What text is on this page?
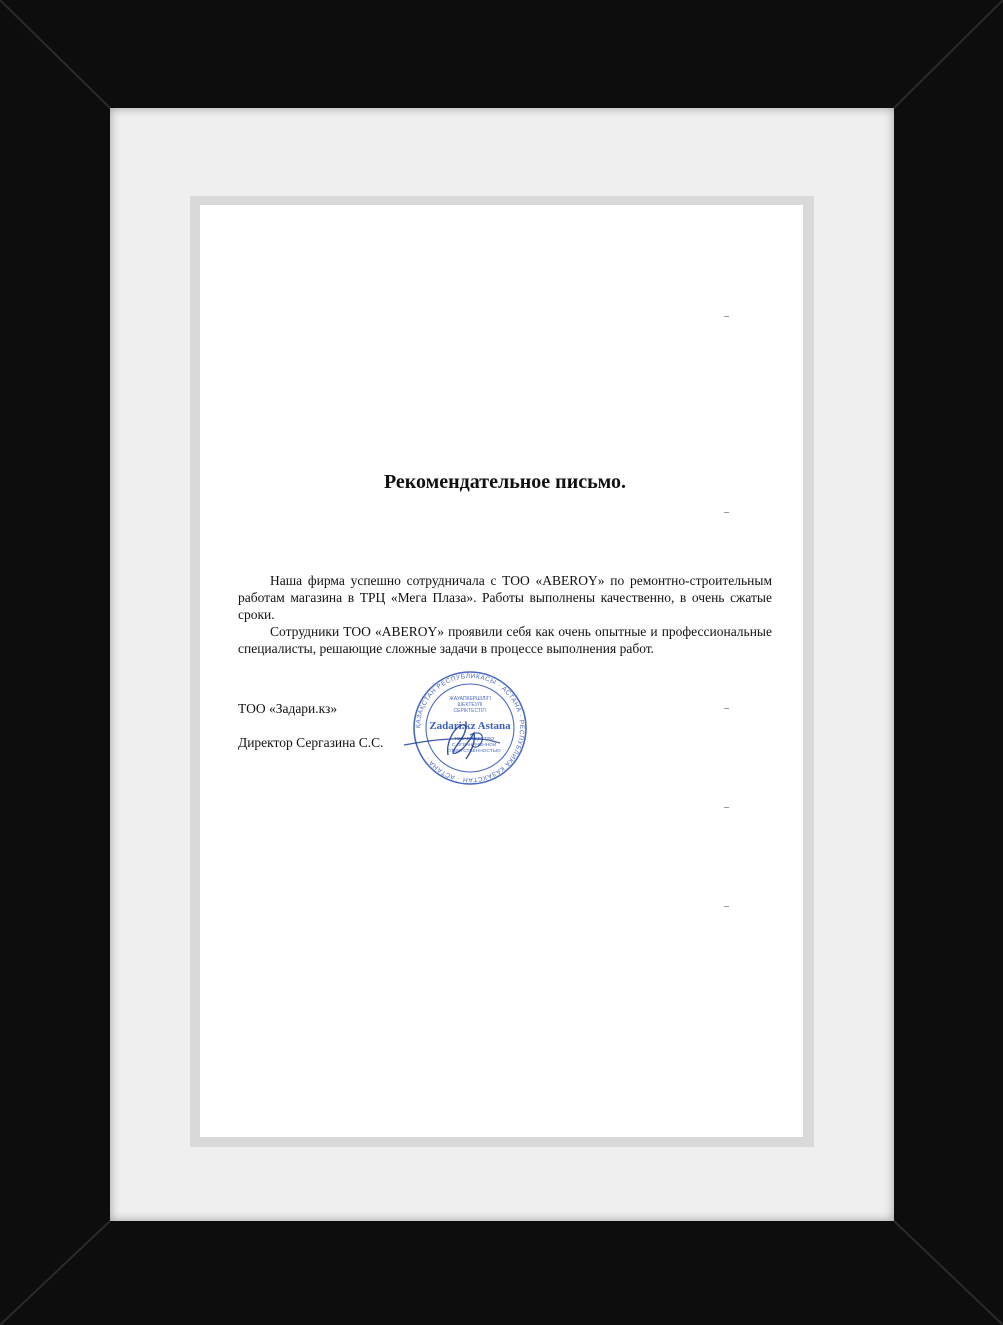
Рекомендательное письмо.

Наша фирма успешно сотрудничала с ТОО «ABEROY» по ремонтно-строительным работам магазина в ТРЦ «Мега Плаза». Работы выполнены качественно, в очень сжатые сроки.

Сотрудники ТОО «ABEROY» проявили себя как очень опытные и профессиональные специалисты, решающие сложные задачи в процессе выполнения работ.

ТОО «Задари.кз»
Директор Сергазина С.С.
ҚАЗАҚСТАН РЕСПУБЛИКАСЫ · АСТАНА · РЕСПУБЛИКА КАЗАХСТАН · АСТАНА ·
ЖАУАПКЕРШІЛІГІ
ШЕКТЕУЛІ
СЕРІКТЕСТІГІ
Zadari.kz Astana
ТОВАРИЩЕСТВО
С ОГРАНИЧЕННОЙ
ОТВЕТСТВЕННОСТЬЮ
